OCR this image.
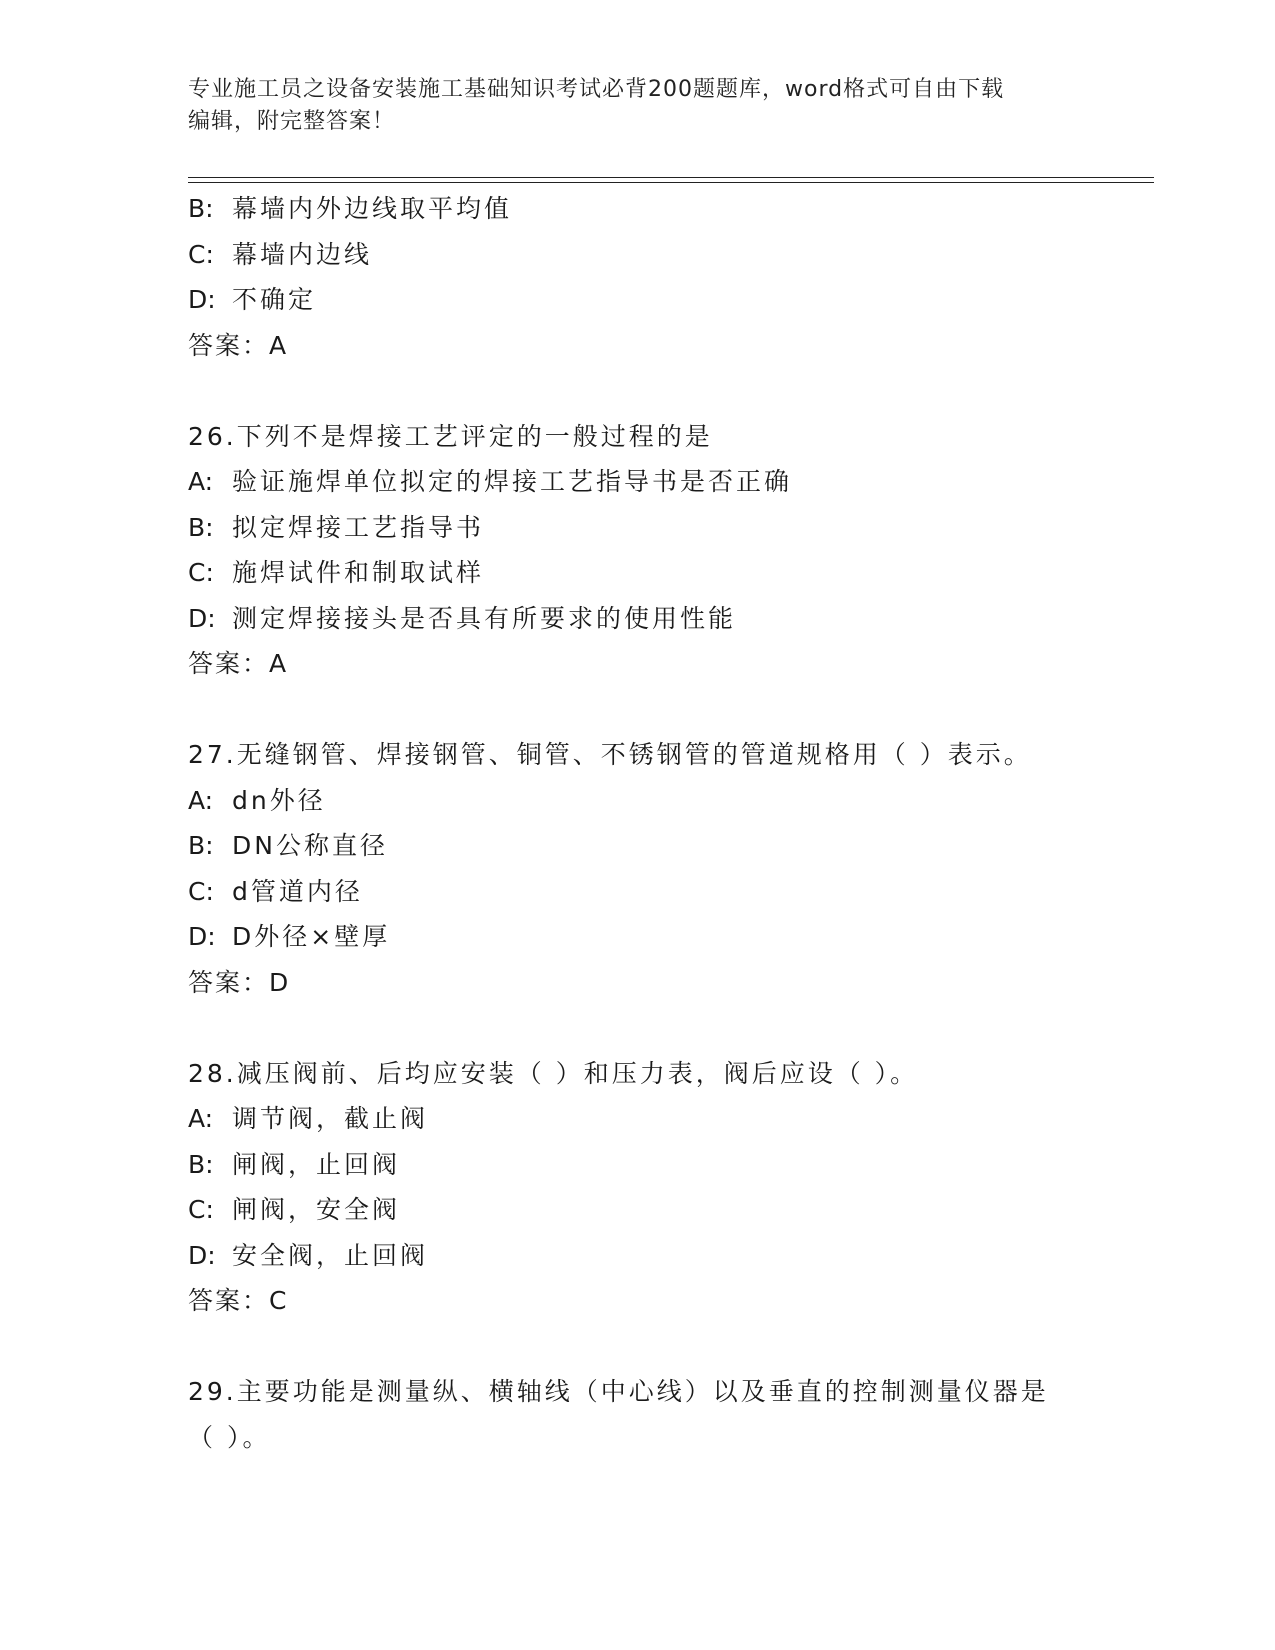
专业施工员之设备安装施工基础知识考试必背200题题库，word格式可自由下载
编辑，附完整答案！
B: 幕墙内外边线取平均值
C: 幕墙内边线
D: 不确定
答案：A
26.下列不是焊接工艺评定的一般过程的是
A: 验证施焊单位拟定的焊接工艺指导书是否正确
B: 拟定焊接工艺指导书
C: 施焊试件和制取试样
D: 测定焊接接头是否具有所要求的使用性能
答案：A
27.无缝钢管、焊接钢管、铜管、不锈钢管的管道规格用（ ）表示。
A: dn外径
B: DN公称直径
C: d管道内径
D: D外径×壁厚
答案：D
28.减压阀前、后均应安装（ ）和压力表，阀后应设（ ）。
A: 调节阀，截止阀
B: 闸阀，止回阀
C: 闸阀，安全阀
D: 安全阀，止回阀
答案：C
29.主要功能是测量纵、横轴线（中心线）以及垂直的控制测量仪器是
（ ）。
